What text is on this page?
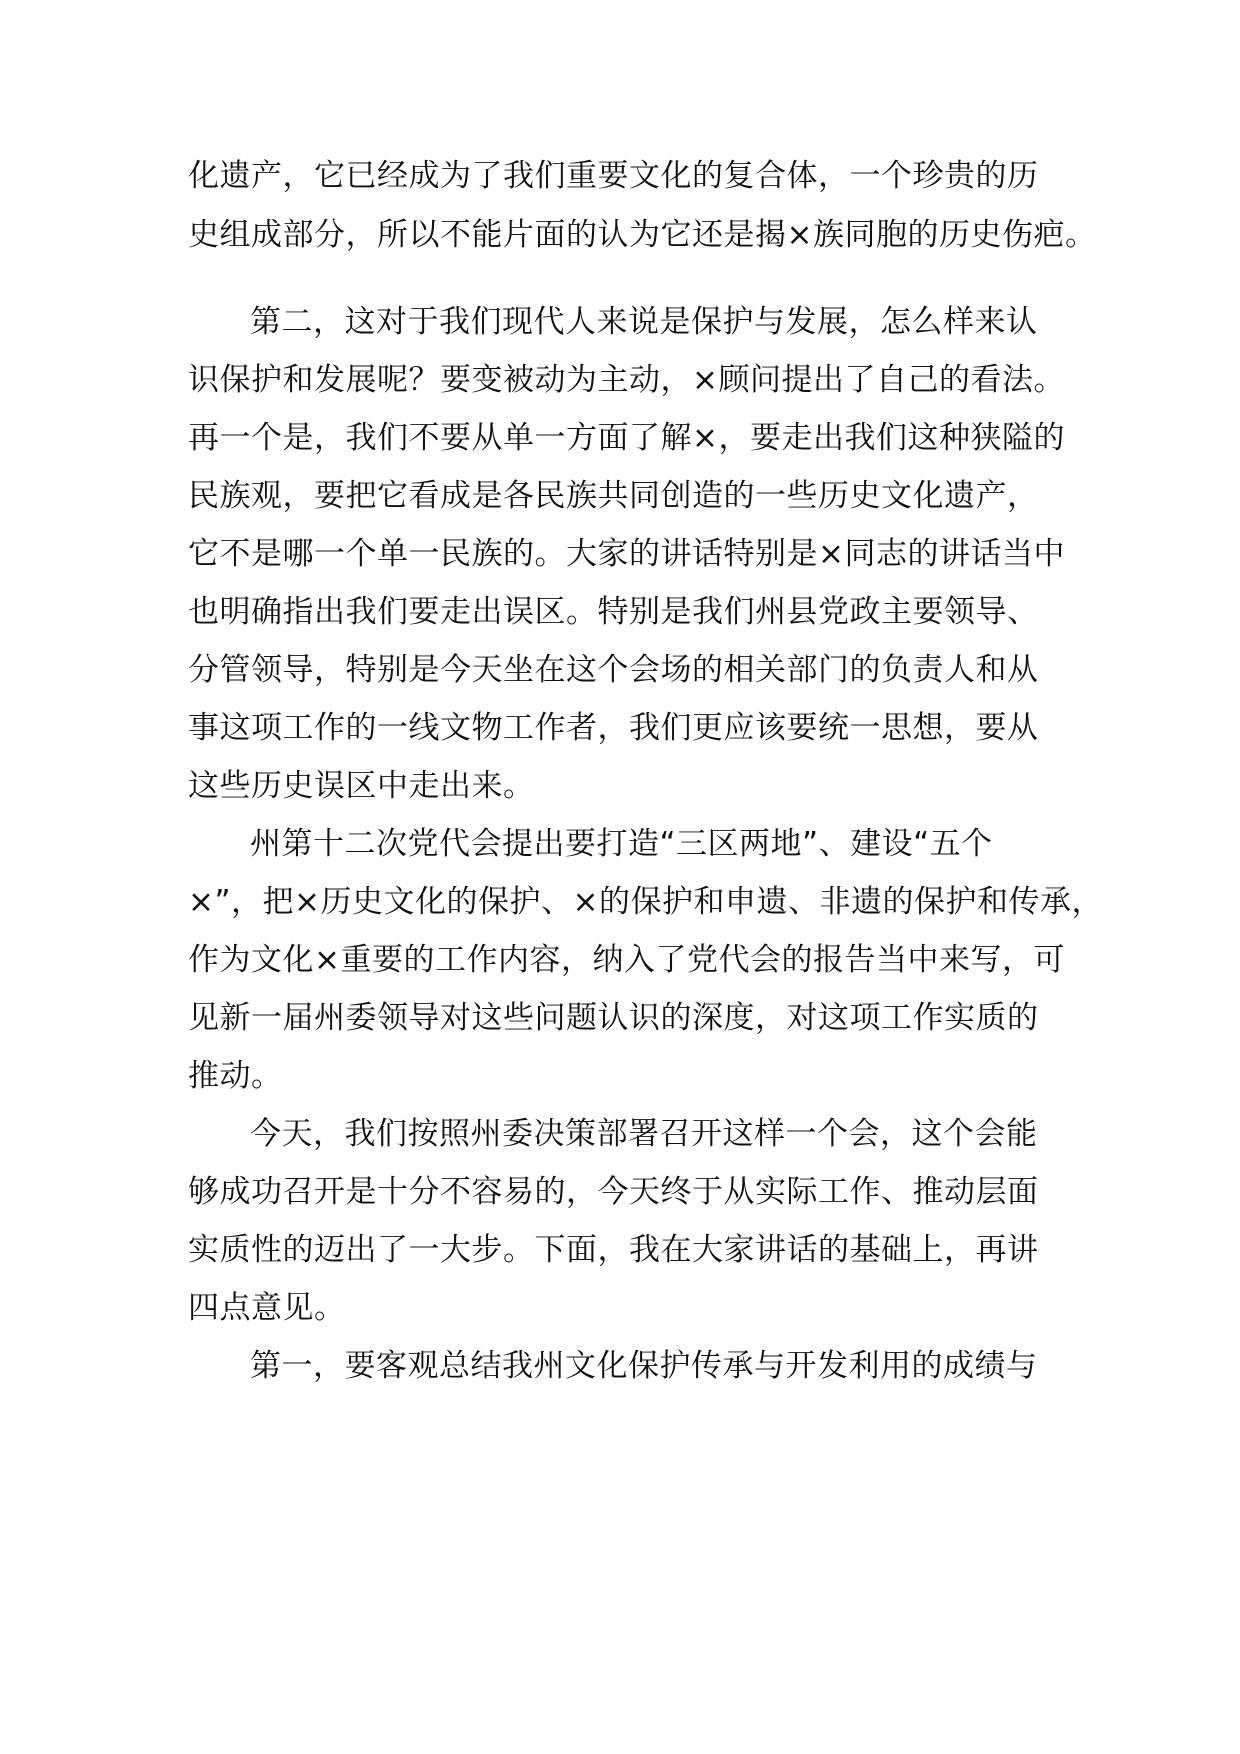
化遗产，它已经成为了我们重要文化的复合体，一个珍贵的历
史组成部分，所以不能片面的认为它还是揭×族同胞的历史伤疤。
第二，这对于我们现代人来说是保护与发展，怎么样来认
识保护和发展呢？要变被动为主动，×顾问提出了自己的看法。
再一个是，我们不要从单一方面了解×，要走出我们这种狭隘的
民族观，要把它看成是各民族共同创造的一些历史文化遗产，
它不是哪一个单一民族的。大家的讲话特别是×同志的讲话当中
也明确指出我们要走出误区。特别是我们州县党政主要领导、
分管领导，特别是今天坐在这个会场的相关部门的负责人和从
事这项工作的一线文物工作者，我们更应该要统一思想，要从
这些历史误区中走出来。
州第十二次党代会提出要打造“三区两地”、建设“五个
×”，把×历史文化的保护、×的保护和申遗、非遗的保护和传承，
作为文化×重要的工作内容，纳入了党代会的报告当中来写，可
见新一届州委领导对这些问题认识的深度，对这项工作实质的
推动。
今天，我们按照州委决策部署召开这样一个会，这个会能
够成功召开是十分不容易的，今天终于从实际工作、推动层面
实质性的迈出了一大步。下面，我在大家讲话的基础上，再讲
四点意见。
第一，要客观总结我州文化保护传承与开发利用的成绩与
